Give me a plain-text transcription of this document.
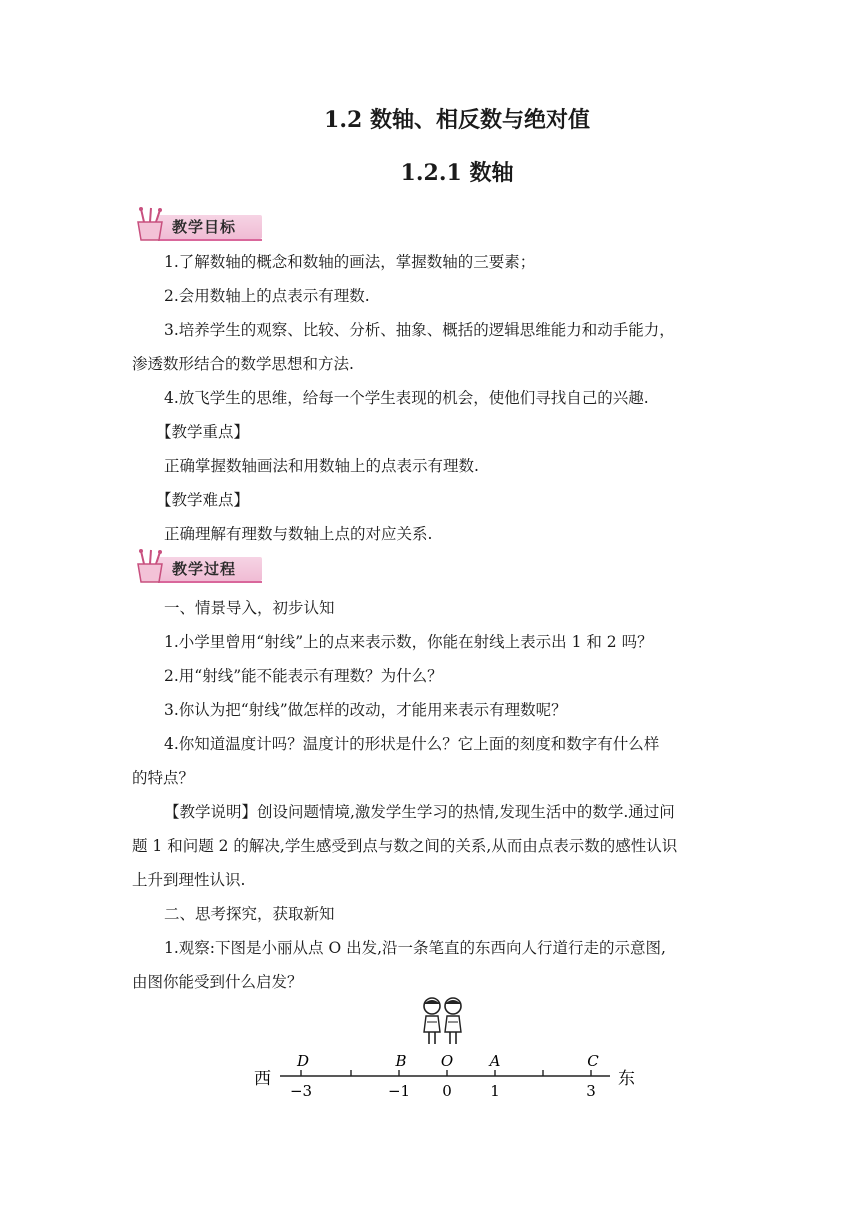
1.2 数轴、相反数与绝对值
1.2.1 数轴
教学目标
1.了解数轴的概念和数轴的画法，掌握数轴的三要素；
2.会用数轴上的点表示有理数.
3.培养学生的观察、比较、分析、抽象、概括的逻辑思维能力和动手能力，
渗透数形结合的数学思想和方法.
4.放飞学生的思维，给每一个学生表现的机会，使他们寻找自己的兴趣.
【教学重点】
正确掌握数轴画法和用数轴上的点表示有理数.
【教学难点】
正确理解有理数与数轴上点的对应关系.
教学过程
一、情景导入，初步认知
1.小学里曾用“射线”上的点来表示数，你能在射线上表示出 1 和 2 吗？
2.用“射线”能不能表示有理数？为什么？
3.你认为把“射线”做怎样的改动，才能用来表示有理数呢？
4.你知道温度计吗？温度计的形状是什么？它上面的刻度和数字有什么样
的特点？
【教学说明】创设问题情境,激发学生学习的热情,发现生活中的数学.通过问
题 1 和问题 2 的解决,学生感受到点与数之间的关系,从而由点表示数的感性认识
上升到理性认识.
二、思考探究，获取新知
1.观察:下图是小丽从点 O 出发,沿一条笔直的东西向人行道行走的示意图,
由图你能受到什么启发？
西	东
D	B O A	C
−3	−1 0	1	3
